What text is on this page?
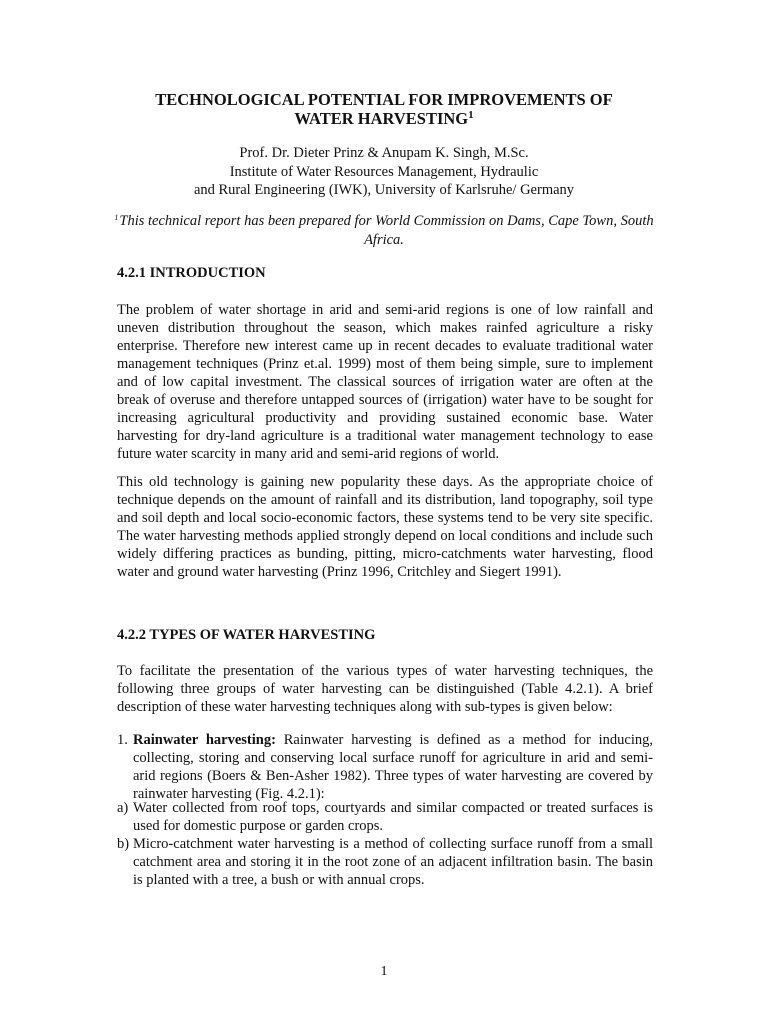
TECHNOLOGICAL POTENTIAL FOR IMPROVEMENTS OF
WATER HARVESTING$^1$
Prof. Dr. Dieter Prinz & Anupam K. Singh, M.Sc.
Institute of Water Resources Management, Hydraulic
and Rural Engineering (IWK), University of Karlsruhe/ Germany
$^1$This technical report has been prepared for World Commission on Dams, Cape Town, South Africa.
4.2.1 INTRODUCTION

The problem of water shortage in arid and semi-arid regions is one of low rainfall and uneven distribution throughout the season, which makes rainfed agriculture a risky enterprise. Therefore new interest came up in recent decades to evaluate traditional water management techniques (Prinz et.al. 1999) most of them being simple, sure to implement and of low capital investment. The classical sources of irrigation water are often at the break of overuse and therefore untapped sources of (irrigation) water have to be sought for increasing agricultural productivity and providing sustained economic base. Water harvesting for dry-land agriculture is a traditional water management technology to ease future water scarcity in many arid and semi-arid regions of world.

This old technology is gaining new popularity these days. As the appropriate choice of technique depends on the amount of rainfall and its distribution, land topography, soil type and soil depth and local socio-economic factors, these systems tend to be very site specific. The water harvesting methods applied strongly depend on local conditions and include such widely differing practices as bunding, pitting, micro-catchments water harvesting, flood water and ground water harvesting (Prinz 1996, Critchley and Siegert 1991).

4.2.2 TYPES OF WATER HARVESTING

To facilitate the presentation of the various types of water harvesting techniques, the following three groups of water harvesting can be distinguished (Table 4.2.1). A brief description of these water harvesting techniques along with sub-types is given below:

1. Rainwater harvesting: Rainwater harvesting is defined as a method for inducing, collecting, storing and conserving local surface runoff for agriculture in arid and semi-arid regions (Boers & Ben-Asher 1982). Three types of water harvesting are covered by rainwater harvesting (Fig. 4.2.1):
a) Water collected from roof tops, courtyards and similar compacted or treated surfaces is used for domestic purpose or garden crops.
b) Micro-catchment water harvesting is a method of collecting surface runoff from a small catchment area and storing it in the root zone of an adjacent infiltration basin. The basin is planted with a tree, a bush or with annual crops.
1
